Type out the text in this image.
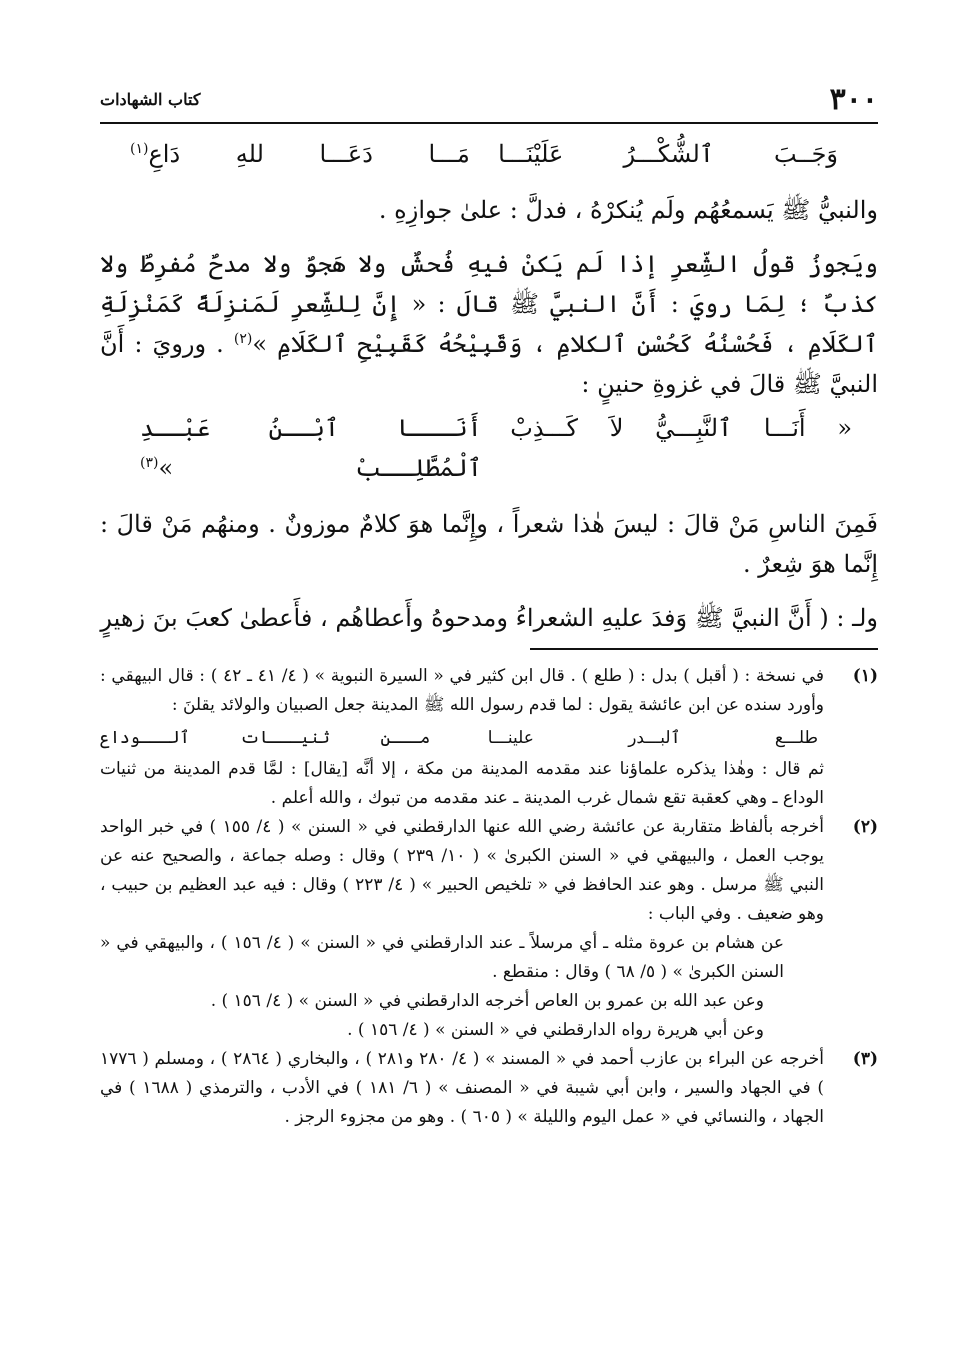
٣٠٠
كتاب الشهادات
وَجَــبَ ٱلشُّكْـــرُ عَلَيْنَـــا
مَـــا دَعَـــا للهِ دَاعِ$^{(١)}$

والنبيُّ ﷺ يَسمعُهُم ولَم يُنكرْهُ ، فدلَّ : علىٰ جوازِهِ .

ويَجوزُ قولُ الشِّعرِ إذا لَم يَكنْ فيهِ فُحشٌ ولا هَجوٌ ولا مدحٌ مُفرِطٌ ولا كذبٌ ؛ لِمَا رويَ : أَنَّ النبيَّ ﷺ قالَ : « إِنَّ لِلشِّعرِ لَمَنزِلَةً كَمَنْزِلَةِ ٱلكَلَامِ ، فَحُسْنُهُ كَحُسْنِ ٱلكلامِ ، وَقَبِيْحُهُ كَقَبِيْحِ ٱلكَلَامِ »$^{(٢)}$ . ورويَ : أَنَّ النبيَّ ﷺ قالَ في غزوةِ حنينٍ :

« أَنَـــا ٱلنَّبِـــيُّ لاَ كَـــذِبْ
أَنَـــا ٱبْــنُ عَبْــدِ ٱلْمُطَّلِــبْ »$^{(٣)}$

فَمِنَ الناسِ مَنْ قالَ : ليسَ هٰذا شعراً ، وإِنَّما هوَ كلامٌ موزونٌ . ومنهُم مَنْ قالَ : إِنَّما هوَ شِعرٌ .

ولـ : ( أَنَّ النبيَّ ﷺ وَفدَ عليهِ الشعراءُ ومدحوهُ وأَعطاهُم ، فأَعطىٰ كعبَ بنَ زهيرٍ

(١)

في نسخة : ( أقبل ) بدل : ( طلع ) . قال ابن كثير في « السيرة النبوية » ( ٤/ ٤١ ـ ٤٢ ) : قال البيهقي : وأورد سنده عن ابن عائشة يقول : لما قدم رسول الله ﷺ المدينة جعل الصبيان والولائد يقلنَ :

طلـــع ٱلبـــدر علينـــا
مـــن ثنيـــات ٱلـــوداع

ثم قال : وهٰذا يذكره علماؤنا عند مقدمه المدينة من مكة ، إلا أنَّه [يقال] : لمَّا قدم المدينة من ثنيات الوداع ـ وهي كعقبة تقع شمال غرب المدينة ـ عند مقدمه من تبوك ، والله أعلم .

(٢)

أخرجه بألفاظ متقاربة عن عائشة رضي الله عنها الدارقطني في « السنن » ( ٤/ ١٥٥ ) في خبر الواحد يوجب العمل ، والبيهقي في « السنن الكبرىٰ » ( ١٠/ ٢٣٩ ) وقال : وصله جماعة ، والصحيح عنه عن النبي ﷺ مرسل . وهو عند الحافظ في « تلخيص الحبير » ( ٤/ ٢٢٣ ) وقال : فيه عبد العظيم بن حبيب ، وهو ضعيف . وفي الباب :

عن هشام بن عروة مثله ـ أي مرسلاً ـ عند الدارقطني في « السنن » ( ٤/ ١٥٦ ) ، والبيهقي في « السنن الكبرىٰ » ( ٥/ ٦٨ ) وقال : منقطع .

وعن عبد الله بن عمرو بن العاص أخرجه الدارقطني في « السنن » ( ٤/ ١٥٦ ) .

وعن أبي هريرة رواه الدارقطني في « السنن » ( ٤/ ١٥٦ ) .

(٣)

أخرجه عن البراء بن عازب أحمد في « المسند » ( ٤/ ٢٨٠ و٢٨١ ) ، والبخاري ( ٢٨٦٤ ) ، ومسلم ( ١٧٧٦ ) في الجهاد والسير ، وابن أبي شيبة في « المصنف » ( ٦/ ١٨١ ) في الأدب ، والترمذي ( ١٦٨٨ ) في الجهاد ، والنسائي في « عمل اليوم والليلة » ( ٦٠٥ ) . وهو من مجزوء الرجز .
